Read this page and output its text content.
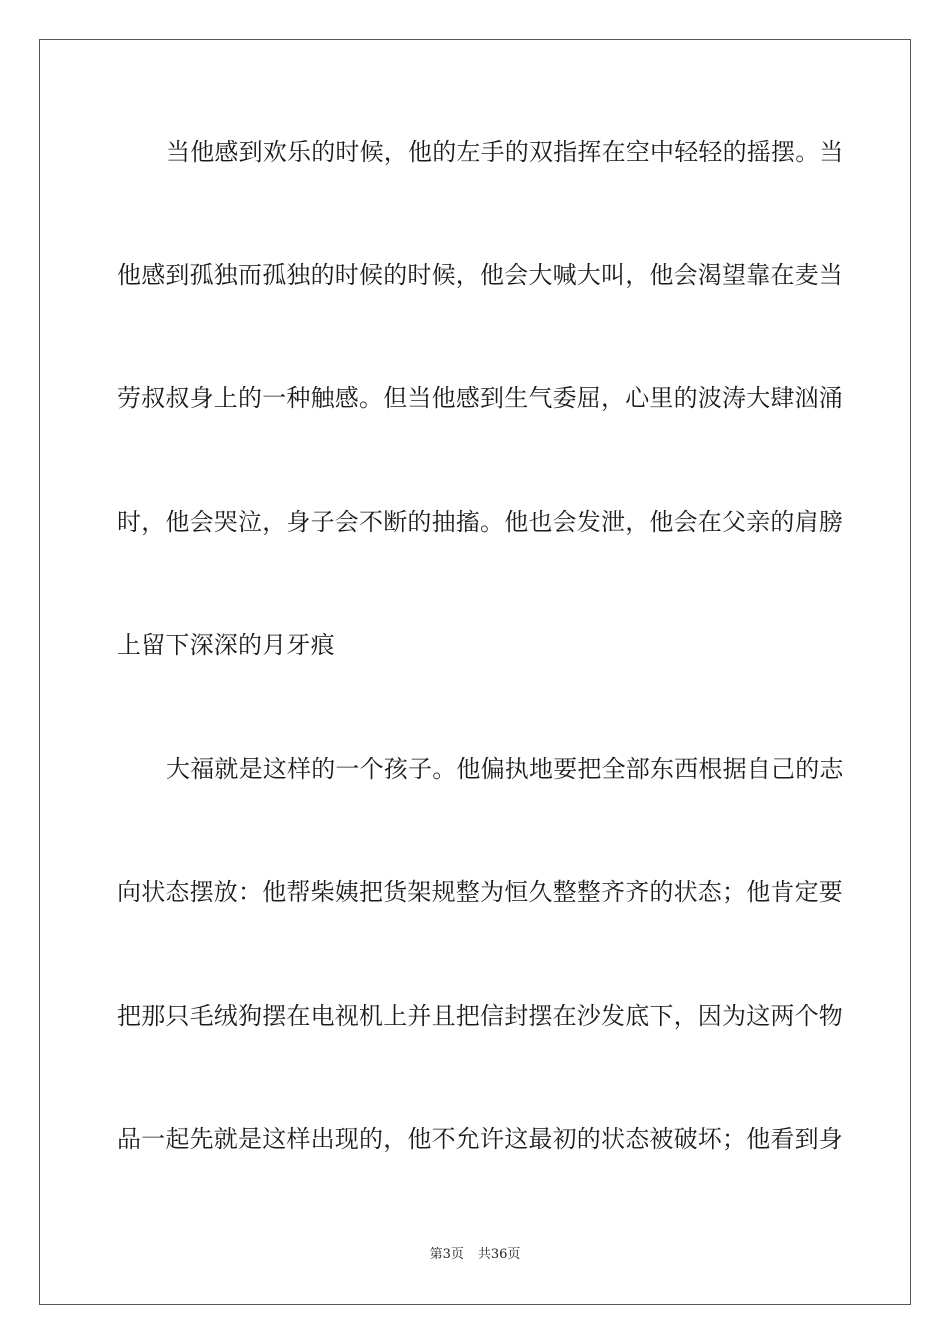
当他感到欢乐的时候，他的左手的双指挥在空中轻轻的摇摆。当
他感到孤独而孤独的时候的时候，他会大喊大叫，他会渴望靠在麦当
劳叔叔身上的一种触感。但当他感到生气委屈，心里的波涛大肆汹涌
时，他会哭泣，身子会不断的抽搐。他也会发泄，他会在父亲的肩膀
上留下深深的月牙痕
大福就是这样的一个孩子。他偏执地要把全部东西根据自己的志
向状态摆放：他帮柴姨把货架规整为恒久整整齐齐的状态；他肯定要
把那只毛绒狗摆在电视机上并且把信封摆在沙发底下，因为这两个物
品一起先就是这样出现的，他不允许这最初的状态被破坏；他看到身
第3页 共36页
